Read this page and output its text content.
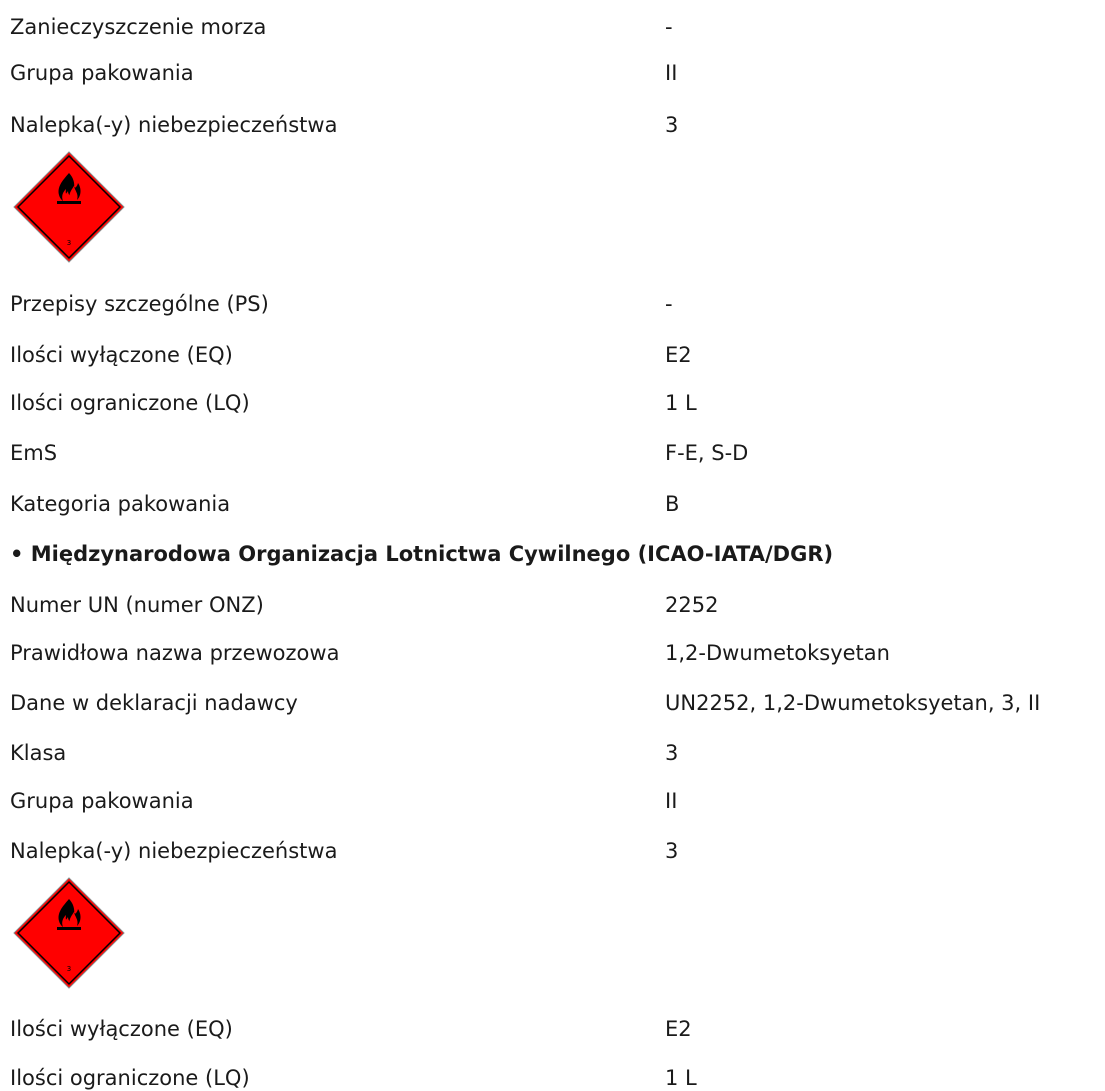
Zanieczyszczenie morza	-
Grupa pakowania	II
Nalepka(-y) niebezpieczeństwa	3
3
Przepisy szczególne (PS)	-
Ilości wyłączone (EQ)	E2
Ilości ograniczone (LQ)	1 L
EmS	F-E, S-D
Kategoria pakowania	B
• Międzynarodowa Organizacja Lotnictwa Cywilnego (ICAO-IATA/DGR)
Numer UN (numer ONZ)	2252
Prawidłowa nazwa przewozowa	1,2-Dwumetoksyetan
Dane w deklaracji nadawcy	UN2252, 1,2-Dwumetoksyetan, 3, II
Klasa	3
Grupa pakowania	II
Nalepka(-y) niebezpieczeństwa	3
3
Ilości wyłączone (EQ)	E2
Ilości ograniczone (LQ)	1 L
